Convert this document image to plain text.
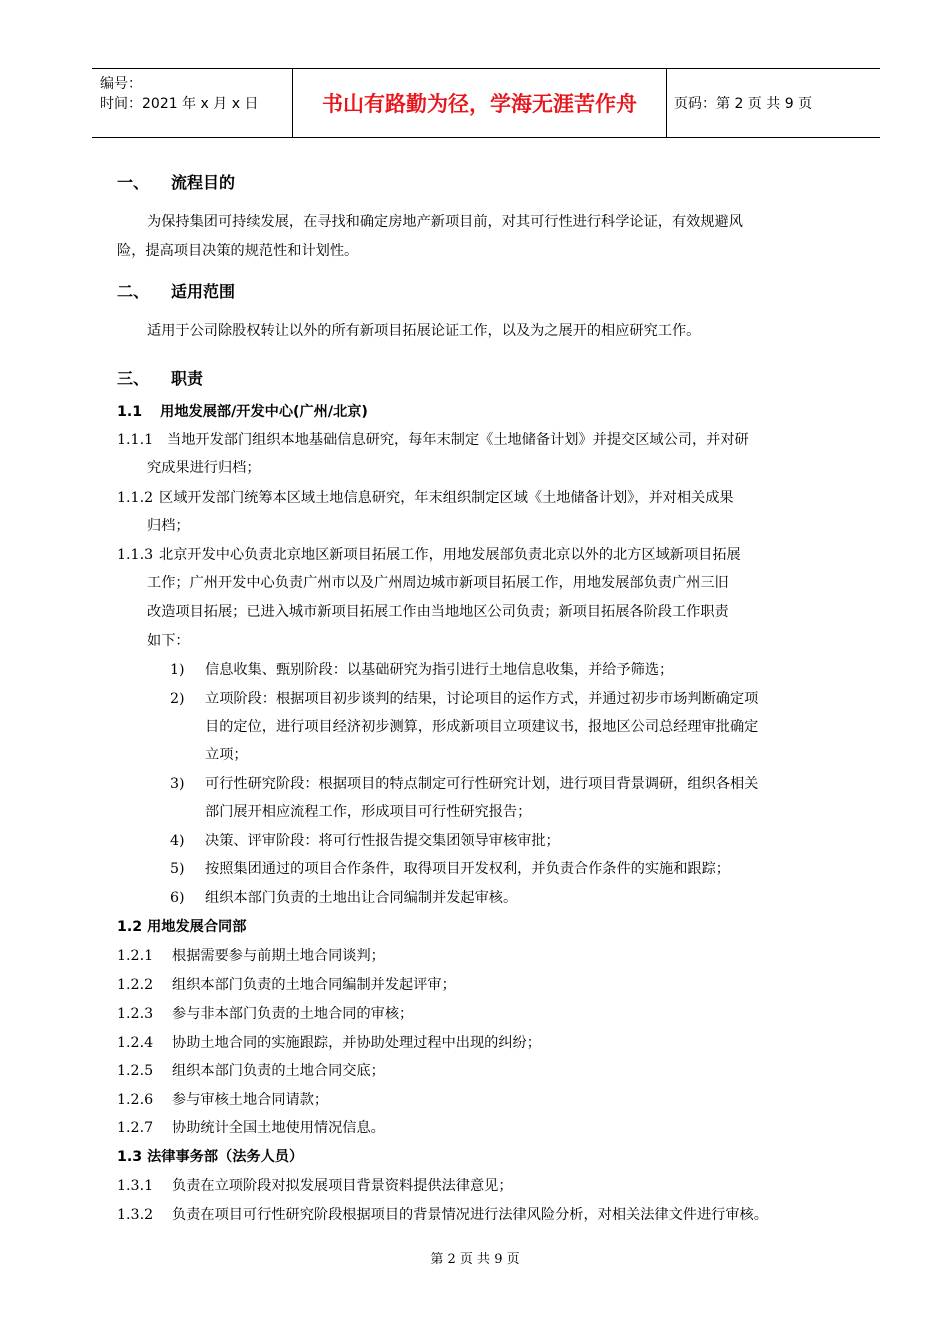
编号：
时间：2021 年 x 月 x 日	书山有路勤为径，学海无涯苦作舟	页码：第 2 页 共 9 页
一、 流程目的
为保持集团可持续发展，在寻找和确定房地产新项目前，对其可行性进行科学论证，有效规避风
险，提高项目决策的规范性和计划性。
二、 适用范围
适用于公司除股权转让以外的所有新项目拓展论证工作，以及为之展开的相应研究工作。
三、 职责
1.1 用地发展部/开发中心(广州/北京)
1.1.1 当地开发部门组织本地基础信息研究，每年末制定《土地储备计划》并提交区域公司，并对研
究成果进行归档；
1.1.2 区域开发部门统筹本区域土地信息研究，年末组织制定区域《土地储备计划》，并对相关成果
归档；
1.1.3 北京开发中心负责北京地区新项目拓展工作，用地发展部负责北京以外的北方区域新项目拓展
工作；广州开发中心负责广州市以及广州周边城市新项目拓展工作，用地发展部负责广州三旧
改造项目拓展；已进入城市新项目拓展工作由当地地区公司负责；新项目拓展各阶段工作职责
如下：
1) 信息收集、甄别阶段：以基础研究为指引进行土地信息收集，并给予筛选；
2) 立项阶段：根据项目初步谈判的结果，讨论项目的运作方式，并通过初步市场判断确定项
目的定位，进行项目经济初步测算，形成新项目立项建议书，报地区公司总经理审批确定
立项；
3) 可行性研究阶段：根据项目的特点制定可行性研究计划，进行项目背景调研，组织各相关
部门展开相应流程工作，形成项目可行性研究报告；
4) 决策、评审阶段：将可行性报告提交集团领导审核审批；
5) 按照集团通过的项目合作条件，取得项目开发权利，并负责合作条件的实施和跟踪；
6) 组织本部门负责的土地出让合同编制并发起审核。
1.2 用地发展合同部
1.2.1 根据需要参与前期土地合同谈判；
1.2.2 组织本部门负责的土地合同编制并发起评审；
1.2.3 参与非本部门负责的土地合同的审核；
1.2.4 协助土地合同的实施跟踪，并协助处理过程中出现的纠纷；
1.2.5 组织本部门负责的土地合同交底；
1.2.6 参与审核土地合同请款；
1.2.7 协助统计全国土地使用情况信息。
1.3 法律事务部（法务人员）
1.3.1 负责在立项阶段对拟发展项目背景资料提供法律意见；
1.3.2 负责在项目可行性研究阶段根据项目的背景情况进行法律风险分析，对相关法律文件进行审核。
第 2 页 共 9 页
